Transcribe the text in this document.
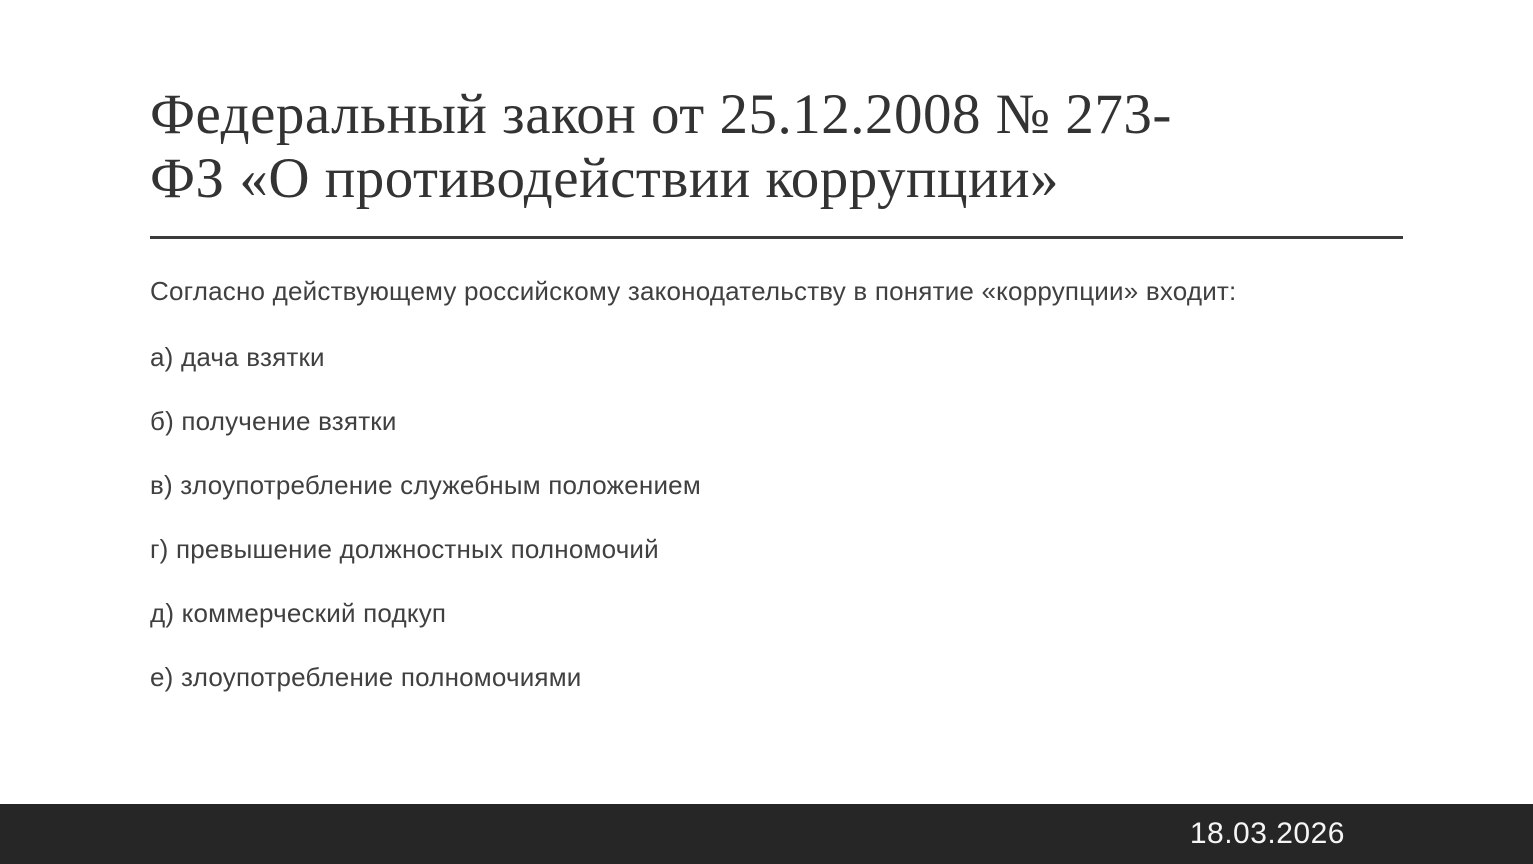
Федеральный закон от 25.12.2008 № 273-
ФЗ «О противодействии коррупции»

Согласно действующему российскому законодательству в понятие «коррупции» входит:

а) дача взятки

б) получение взятки

в) злоупотребление служебным положением

г) превышение должностных полномочий

д) коммерческий подкуп

е) злоупотребление полномочиями

18.03.2026
